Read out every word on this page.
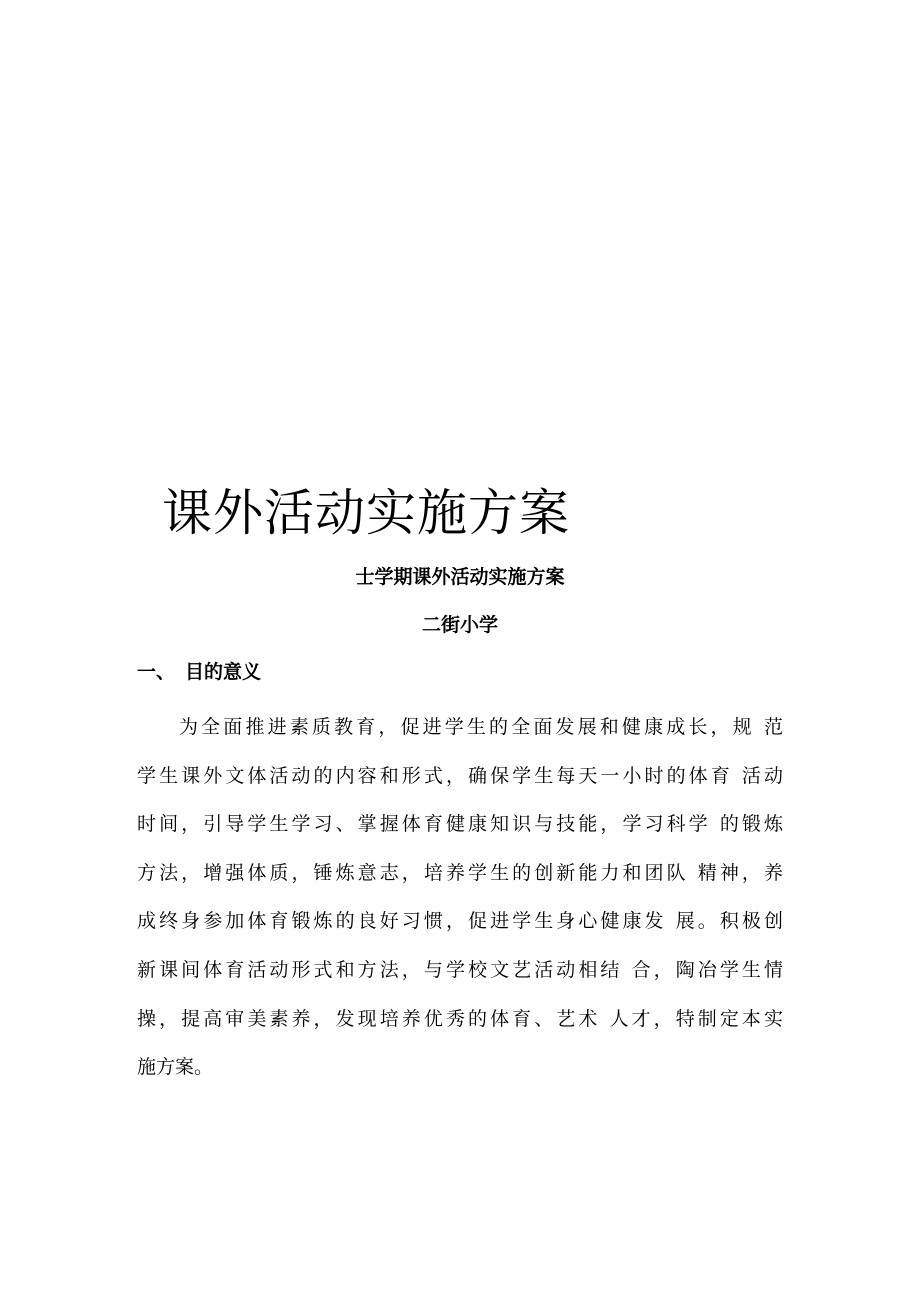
课外活动实施方案

士学期课外活动实施方案

二街小学

一、 目的意义
为全面推进素质教育，促进学生的全面发展和健康成长，规 范
学生课外文体活动的内容和形式，确保学生每天一小时的体育 活动
时间，引导学生学习、掌握体育健康知识与技能，学习科学 的锻炼
方法，增强体质，锤炼意志，培养学生的创新能力和团队 精神，养
成终身参加体育锻炼的良好习惯，促进学生身心健康发 展。积极创
新课间体育活动形式和方法，与学校文艺活动相结 合，陶冶学生情
操，提高审美素养，发现培养优秀的体育、艺术 人才，特制定本实
施方案。
